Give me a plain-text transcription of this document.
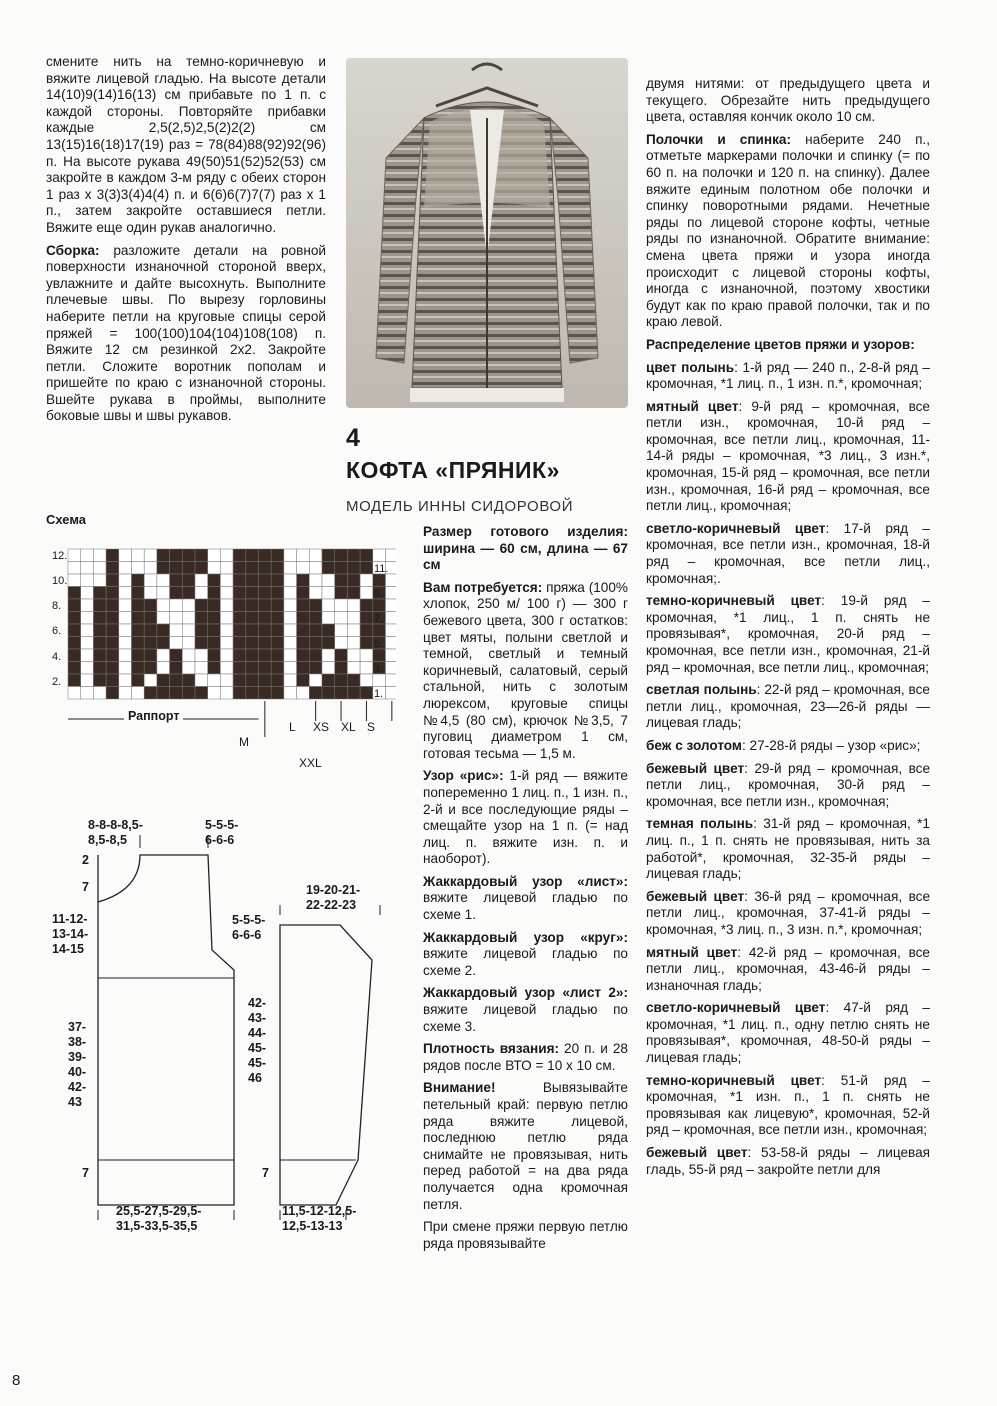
смените нить на темно-коричневую и вяжите лицевой гладью. На высоте детали 14(10)9(14)16(13) см прибавьте по 1 п. с каждой стороны. Повторяйте прибавки каждые 2,5(2,5)2,5(2)2(2) см 13(15)16(18)17(19) раз = 78(84)88(92)92(96) п. На высоте рукава 49(50)51(52)52(53) см закройте в каждом 3-м ряду с обеих сторон 1 раз х 3(3)3(4)4(4) п. и 6(6)6(7)7(7) раз х 1 п., затем закройте оставшиеся петли. Вяжите еще один рукав аналогично.

Сборка: разложите детали на ровной поверхности изнаночной стороной вверх, увлажните и дайте высохнуть. Выполните плечевые швы. По вырезу горловины наберите петли на круговые спицы серой пряжей = 100(100)104(104)108(108) п. Вяжите 12 см резинкой 2х2. Закройте петли. Сложите воротник пополам и пришейте по краю с изнаночной стороны. Вшейте рукава в проймы, выполните боковые швы и швы рукавов.

4
КОФТА «ПРЯНИК»
МОДЕЛЬ ИННЫ СИДОРОВОЙ
Схема
12.
10.
8.
6.
4.
2.
11.
9.
7.
5.
3.
1.
Раппорт
M
L XS XL S
XXL
8-8-8-8,5-
8,5-8,5
5-5-5-
6-6-6
2
7
11-12-
13-14-
14-15
37-
38-
39-
40-
42-
43
7
25,5-27,5-29,5-
31,5-33,5-35,5
19-20-21-
22-22-23
5-5-5-
6-6-6
42-
43-
44-
45-
45-
46
7
11,5-12-12,5-
12,5-13-13

Размер готового изделия: ширина — 60 см, длина — 67 см

Вам потребуется: пряжа (100% хлопок, 250 м/ 100 г) — 300 г бежевого цвета, 300 г остатков: цвет мяты, полыни светлой и темной, светлый и темный коричневый, салатовый, серый стальной, нить с золотым люрексом, круговые спицы №4,5 (80 см), крючок №3,5, 7 пуговиц диаметром 1 см, готовая тесьма — 1,5 м.

Узор «рис»: 1-й ряд — вяжите попеременно 1 лиц. п., 1 изн. п., 2-й и все последующие ряды – смещайте узор на 1 п. (= над лиц. п. вяжите изн. п. и наоборот).

Жаккардовый узор «лист»: вяжите лицевой гладью по схеме 1.

Жаккардовый узор «круг»: вяжите лицевой гладью по схеме 2.

Жаккардовый узор «лист 2»: вяжите лицевой гладью по схеме 3.

Плотность вязания: 20 п. и 28 рядов после ВТО = 10 х 10 см.

Внимание! Вывязывайте петельный край: первую петлю ряда вяжите лицевой, последнюю петлю ряда снимайте не провязывая, нить перед работой = на два ряда получается одна кромочная петля.

При смене пряжи первую петлю ряда провязывайте

двумя нитями: от предыдущего цвета и текущего. Обрезайте нить предыдущего цвета, оставляя кончик около 10 см.

Полочки и спинка: наберите 240 п., отметьте маркерами полочки и спинку (= по 60 п. на полочки и 120 п. на спинку). Далее вяжите единым полотном обе полочки и спинку поворотными рядами. Нечетные ряды по лицевой стороне кофты, четные ряды по изнаночной. Обратите внимание: смена цвета пряжи и узора иногда происходит с лицевой стороны кофты, иногда с изнаночной, поэтому хвостики будут как по краю правой полочки, так и по краю левой.

Распределение цветов пряжи и узоров:

цвет полынь: 1-й ряд — 240 п., 2-8-й ряд – кромочная, *1 лиц. п., 1 изн. п.*, кромочная;

мятный цвет: 9-й ряд – кромочная, все петли изн., кромочная, 10-й ряд – кромочная, все петли лиц., кромочная, 11-14-й ряды – кромочная, *3 лиц., 3 изн.*, кромочная, 15-й ряд – кромочная, все петли изн., кромочная, 16-й ряд – кромочная, все петли лиц., кромочная;

светло-коричневый цвет: 17-й ряд – кромочная, все петли изн., кромочная, 18-й ряд – кромочная, все петли лиц., кромочная;.

темно-коричневый цвет: 19-й ряд – кромочная, *1 лиц., 1 п. снять не провязывая*, кромочная, 20-й ряд – кромочная, все петли изн., кромочная, 21-й ряд – кромочная, все петли лиц., кромочная;

светлая полынь: 22-й ряд – кромочная, все петли лиц., кромочная, 23—26-й ряды — лицевая гладь;

беж с золотом: 27-28-й ряды – узор «рис»;

бежевый цвет: 29-й ряд – кромочная, все петли лиц., кромочная, 30-й ряд – кромочная, все петли изн., кромочная;

темная полынь: 31-й ряд – кромочная, *1 лиц. п., 1 п. снять не провязывая, нить за работой*, кромочная, 32-35-й ряды – лицевая гладь;

бежевый цвет: 36-й ряд – кромочная, все петли лиц., кромочная, 37-41-й ряды – кромочная, *3 лиц. п., 3 изн. п.*, кромочная;

мятный цвет: 42-й ряд – кромочная, все петли лиц., кромочная, 43-46-й ряды – изнаночная гладь;

светло-коричневый цвет: 47-й ряд – кромочная, *1 лиц. п., одну петлю снять не провязывая*, кромочная, 48-50-й ряды – лицевая гладь;

темно-коричневый цвет: 51-й ряд – кромочная, *1 изн. п., 1 п. снять не провязывая как лицевую*, кромочная, 52-й ряд – кромочная, все петли изн., кромочная;

бежевый цвет: 53-58-й ряды – лицевая гладь, 55-й ряд – закройте петли для

8
